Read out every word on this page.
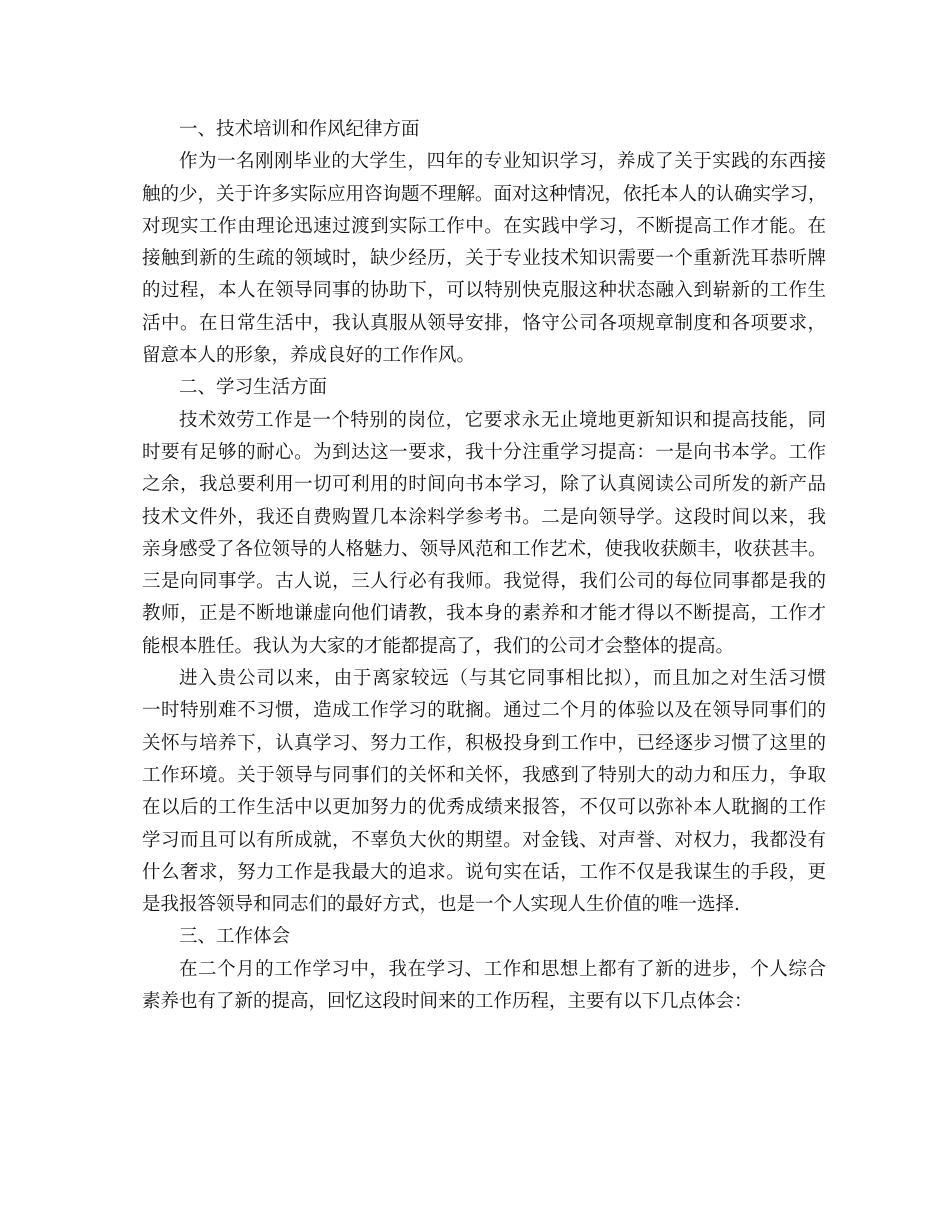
一、技术培训和作风纪律方面
作为一名刚刚毕业的大学生，四年的专业知识学习，养成了关于实践的东西接
触的少，关于许多实际应用咨询题不理解。面对这种情况，依托本人的认确实学习，
对现实工作由理论迅速过渡到实际工作中。在实践中学习，不断提高工作才能。在
接触到新的生疏的领域时，缺少经历，关于专业技术知识需要一个重新洗耳恭听牌
的过程，本人在领导同事的协助下，可以特别快克服这种状态融入到崭新的工作生
活中。在日常生活中，我认真服从领导安排，恪守公司各项规章制度和各项要求，
留意本人的形象，养成良好的工作作风。
二、学习生活方面
技术效劳工作是一个特别的岗位，它要求永无止境地更新知识和提高技能，同
时要有足够的耐心。为到达这一要求，我十分注重学习提高：一是向书本学。工作
之余，我总要利用一切可利用的时间向书本学习，除了认真阅读公司所发的新产品
技术文件外，我还自费购置几本涂料学参考书。二是向领导学。这段时间以来，我
亲身感受了各位领导的人格魅力、领导风范和工作艺术，使我收获颇丰，收获甚丰。
三是向同事学。古人说，三人行必有我师。我觉得，我们公司的每位同事都是我的
教师，正是不断地谦虚向他们请教，我本身的素养和才能才得以不断提高，工作才
能根本胜任。我认为大家的才能都提高了，我们的公司才会整体的提高。
进入贵公司以来，由于离家较远（与其它同事相比拟），而且加之对生活习惯
一时特别难不习惯，造成工作学习的耽搁。通过二个月的体验以及在领导同事们的
关怀与培养下，认真学习、努力工作，积极投身到工作中，已经逐步习惯了这里的
工作环境。关于领导与同事们的关怀和关怀，我感到了特别大的动力和压力，争取
在以后的工作生活中以更加努力的优秀成绩来报答，不仅可以弥补本人耽搁的工作
学习而且可以有所成就，不辜负大伙的期望。对金钱、对声誉、对权力，我都没有
什么奢求，努力工作是我最大的追求。说句实在话，工作不仅是我谋生的手段，更
是我报答领导和同志们的最好方式，也是一个人实现人生价值的唯一选择.
三、工作体会
在二个月的工作学习中，我在学习、工作和思想上都有了新的进步，个人综合
素养也有了新的提高，回忆这段时间来的工作历程，主要有以下几点体会：
